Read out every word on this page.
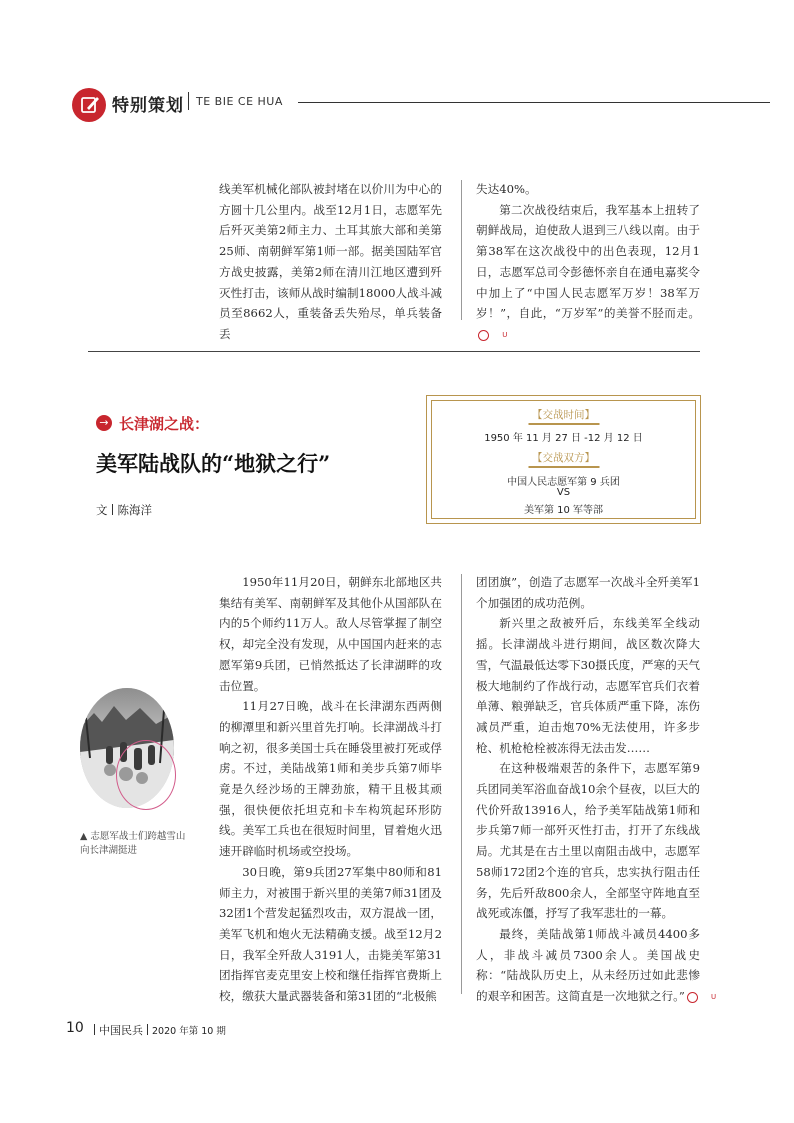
特别策划 TE BIE CE HUA

线美军机械化部队被封堵在以价川为中心的方圆十几公里内。战至12月1日，志愿军先后歼灭美第2师主力、土耳其旅大部和美第25师、南朝鲜军第1师一部。据美国陆军官方战史披露，美第2师在清川江地区遭到歼灭性打击，该师从战时编制18000人战斗减员至8662人，重装备丢失殆尽，单兵装备丢

失达40%。

第二次战役结束后，我军基本上扭转了朝鲜战局，迫使敌人退到三八线以南。由于第38军在这次战役中的出色表现，12月1日，志愿军总司令彭德怀亲自在通电嘉奖令中加上了“中国人民志愿军万岁！38军万岁！”，自此，“万岁军”的美誉不胫而走。U

→ 长津湖之战：
美军陆战队的“地狱之行”
文 陈海洋
【交战时间】
1950 年 11 月 27 日 -12 月 12 日
【交战双方】
中国人民志愿军第 9 兵团
VS
美军第 10 军等部
▲ 志愿军战士们跨越雪山向长津湖挺进

1950年11月20日，朝鲜东北部地区共集结有美军、南朝鲜军及其他仆从国部队在内的5个师约11万人。敌人尽管掌握了制空权，却完全没有发现，从中国国内赶来的志愿军第9兵团，已悄然抵达了长津湖畔的攻击位置。

11月27日晚，战斗在长津湖东西两侧的柳潭里和新兴里首先打响。长津湖战斗打响之初，很多美国士兵在睡袋里被打死或俘虏。不过，美陆战第1师和美步兵第7师毕竟是久经沙场的王牌劲旅，精干且极其顽强，很快便依托坦克和卡车构筑起环形防线。美军工兵也在很短时间里，冒着炮火迅速开辟临时机场或空投场。

30日晚，第9兵团27军集中80师和81师主力，对被围于新兴里的美第7师31团及32团1个营发起猛烈攻击，双方混战一团，美军飞机和炮火无法精确支援。战至12月2日，我军全歼敌人3191人，击毙美军第31团指挥官麦克里安上校和继任指挥官费斯上校，缴获大量武器装备和第31团的“北极熊

团团旗”，创造了志愿军一次战斗全歼美军1个加强团的成功范例。

新兴里之敌被歼后，东线美军全线动摇。长津湖战斗进行期间，战区数次降大雪，气温最低达零下30摄氏度，严寒的天气极大地制约了作战行动，志愿军官兵们衣着单薄、粮弹缺乏，官兵体质严重下降，冻伤减员严重，迫击炮70%无法使用，许多步枪、机枪枪栓被冻得无法击发……

在这种极端艰苦的条件下，志愿军第9兵团同美军浴血奋战10余个昼夜，以巨大的代价歼敌13916人，给予美军陆战第1师和步兵第7师一部歼灭性打击，打开了东线战局。尤其是在古土里以南阻击战中，志愿军58师172团2个连的官兵，忠实执行阻击任务，先后歼敌800余人，全部坚守阵地直至战死或冻僵，抒写了我军悲壮的一幕。

最终，美陆战第1师战斗减员4400多人，非战斗减员7300余人。美国战史称：“陆战队历史上，从未经历过如此悲惨的艰辛和困苦。这简直是一次地狱之行。”	U

10	中国民兵 2020 年第 10 期
